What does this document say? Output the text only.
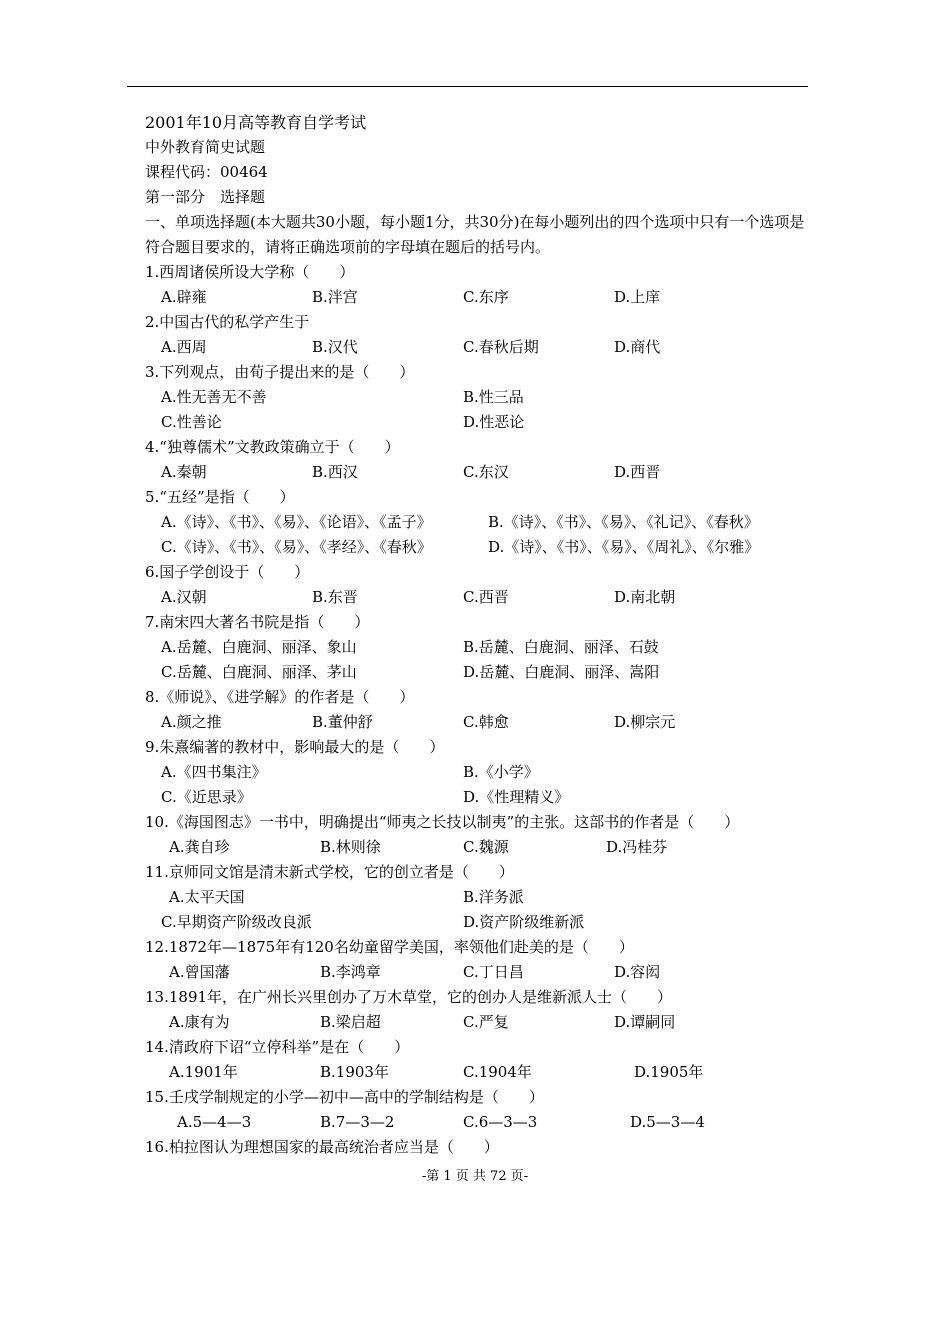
2001年10月高等教育自学考试
中外教育简史试题
课程代码：00464
第一部分　选择题
一、单项选择题(本大题共30小题，每小题1分，共30分)在每小题列出的四个选项中只有一个选项是符合题目要求的，请将正确选项前的字母填在题后的括号内。
1.西周诸侯所设大学称（　　）
A.辟雍	B.泮宫	C.东序	D.上庠
2.中国古代的私学产生于
A.西周	B.汉代	C.春秋后期	D.商代
3.下列观点，由荀子提出来的是（　　）
A.性无善无不善	B.性三品
C.性善论	D.性恶论
4.“独尊儒术”文教政策确立于（　　）
A.秦朝	B.西汉	C.东汉	D.西晋
5.“五经”是指（　　）
A.《诗》、《书》、《易》、《论语》、《孟子》	B.《诗》、《书》、《易》、《礼记》、《春秋》
C.《诗》、《书》、《易》、《孝经》、《春秋》	D.《诗》、《书》、《易》、《周礼》、《尔雅》
6.国子学创设于（　　）
A.汉朝	B.东晋	C.西晋	D.南北朝
7.南宋四大著名书院是指（　　）
A.岳麓、白鹿洞、丽泽、象山	B.岳麓、白鹿洞、丽泽、石鼓
C.岳麓、白鹿洞、丽泽、茅山	D.岳麓、白鹿洞、丽泽、嵩阳
8.《师说》、《进学解》的作者是（　　）
A.颜之推	B.董仲舒	C.韩愈	D.柳宗元
9.朱熹编著的教材中，影响最大的是（　　）
A.《四书集注》	B.《小学》
C.《近思录》	D.《性理精义》
10.《海国图志》一书中，明确提出“师夷之长技以制夷”的主张。这部书的作者是（　　）
A.龚自珍	B.林则徐	C.魏源	D.冯桂芬
11.京师同文馆是清末新式学校，它的创立者是（　　）
A.太平天国	B.洋务派
C.早期资产阶级改良派	D.资产阶级维新派
12.1872年—1875年有120名幼童留学美国，率领他们赴美的是（　　）
A.曾国藩	B.李鸿章	C.丁日昌	D.容闳
13.1891年，在广州长兴里创办了万木草堂，它的创办人是维新派人士（　　）
A.康有为	B.梁启超	C.严复	D.谭嗣同
14.清政府下诏“立停科举”是在（　　）
A.1901年	B.1903年	C.1904年	D.1905年
15.壬戌学制规定的小学—初中—高中的学制结构是（　　）
A.5—4—3	B.7—3—2	C.6—3—3	D.5—3—4
16.柏拉图认为理想国家的最高统治者应当是（　　）
-第 1 页 共 72 页-
